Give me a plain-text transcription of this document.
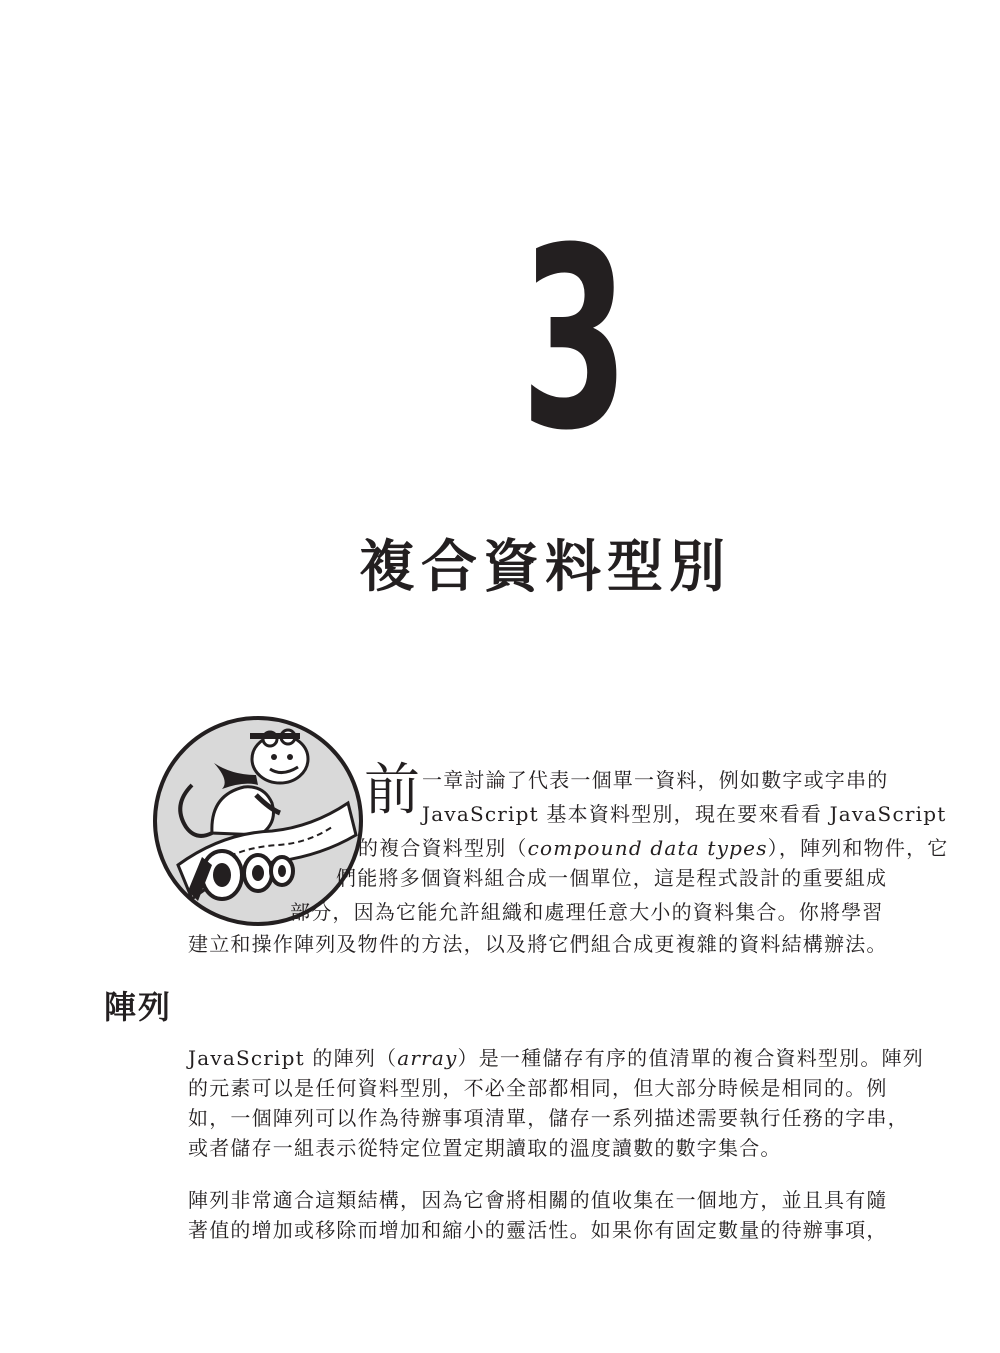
3
複合資料型別
前 一章討論了代表一個單一資料，例如數字或字串的
JavaScript 基本資料型別，現在要來看看 JavaScript
的複合資料型別（compound data types），陣列和物件，它
們能將多個資料組合成一個單位，這是程式設計的重要組成
部分，因為它能允許組織和處理任意大小的資料集合。你將學習
建立和操作陣列及物件的方法，以及將它們組合成更複雜的資料結構辦法。
陣列
JavaScript 的陣列（array）是一種儲存有序的值清單的複合資料型別。陣列
的元素可以是任何資料型別，不必全部都相同，但大部分時候是相同的。例
如，一個陣列可以作為待辦事項清單，儲存一系列描述需要執行任務的字串，
或者儲存一組表示從特定位置定期讀取的溫度讀數的數字集合。
陣列非常適合這類結構，因為它會將相關的值收集在一個地方，並且具有隨
著值的增加或移除而增加和縮小的靈活性。如果你有固定數量的待辦事項，
